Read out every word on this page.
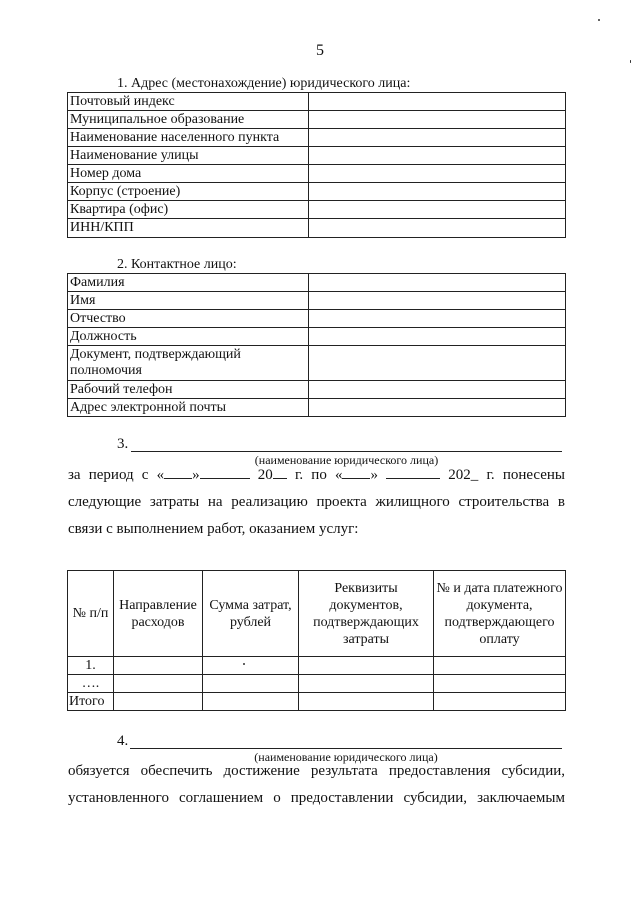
5
1. Адрес (местонахождение) юридического лица:
Почтовый индекс	
Муниципальное образование	
Наименование населенного пункта	
Наименование улицы	
Номер дома	
Корпус (строение)	
Квартира (офис)	
ИНН/КПП	
2. Контактное лицо:
Фамилия	
Имя	
Отчество	
Должность	
Документ, подтверждающий полномочия	
Рабочий телефон	
Адрес электронной почты	
3.
(наименование юридического лица)
за период с « »	20 г. по « »	202_ г. понесены
следующие затраты на реализацию проекта жилищного строительства в
связи с выполнением работ, оказанием услуг:
№ п/п	Направление расходов	Сумма затрат, рублей	Реквизиты документов, подтверждающих затраты	№ и дата платежного документа, подтверждающего оплату
1.				
….				
Итого				
4.
(наименование юридического лица)
обязуется обеспечить достижение результата предоставления субсидии,
установленного соглашением о предоставлении субсидии, заключаемым
